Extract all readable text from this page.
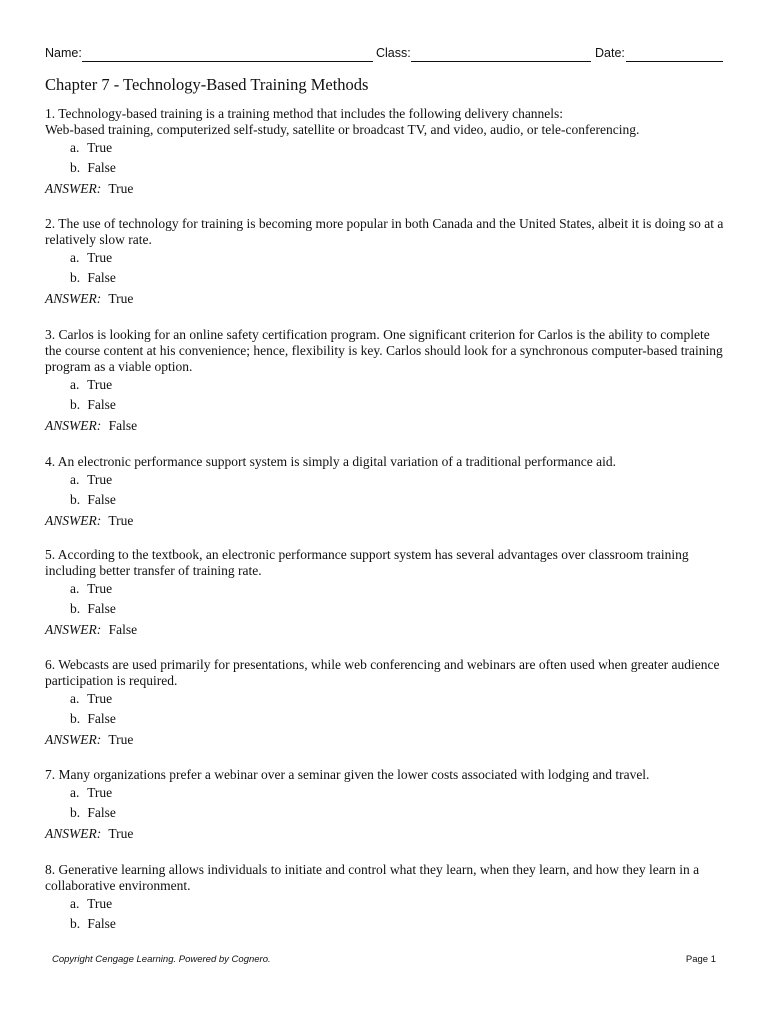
Name:	Class:	Date:
Chapter 7 - Technology-Based Training Methods

1. Technology-based training is a training method that includes the following delivery channels:
Web-based training, computerized self-study, satellite or broadcast TV, and video, audio, or tele-conferencing.

a. True

b. False

ANSWER: True

2. The use of technology for training is becoming more popular in both Canada and the United States, albeit it is doing so at a relatively slow rate.

a. True

b. False

ANSWER: True

3. Carlos is looking for an online safety certification program. One significant criterion for Carlos is the ability to complete the course content at his convenience; hence, flexibility is key. Carlos should look for a synchronous computer-based training program as a viable option.

a. True

b. False

ANSWER: False

4. An electronic performance support system is simply a digital variation of a traditional performance aid.

a. True

b. False

ANSWER: True

5. According to the textbook, an electronic performance support system has several advantages over classroom training including better transfer of training rate.

a. True

b. False

ANSWER: False

6. Webcasts are used primarily for presentations, while web conferencing and webinars are often used when greater audience participation is required.

a. True

b. False

ANSWER: True

7. Many organizations prefer a webinar over a seminar given the lower costs associated with lodging and travel.

a. True

b. False

ANSWER: True

8. Generative learning allows individuals to initiate and control what they learn, when they learn, and how they learn in a collaborative environment.

a. True

b. False

Copyright Cengage Learning. Powered by Cognero.	Page 1
